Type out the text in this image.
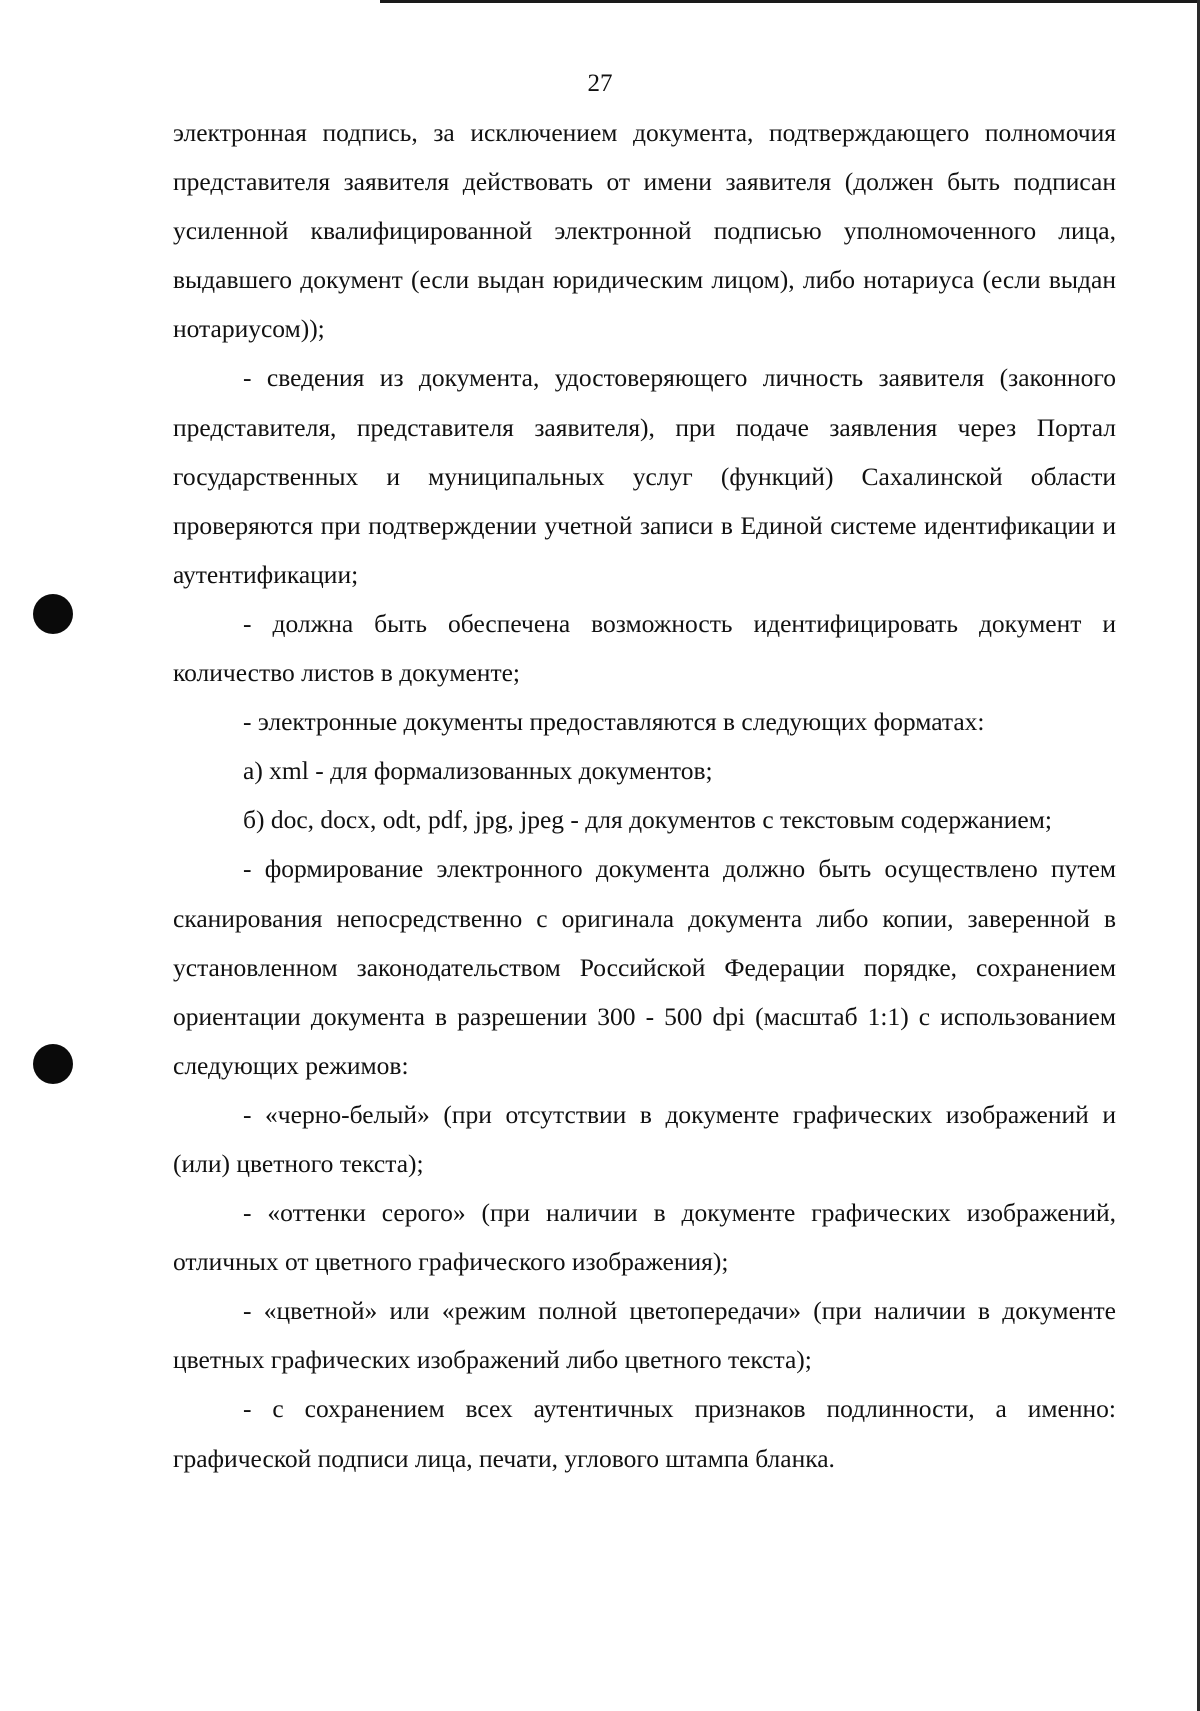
27

электронная подпись, за исключением документа, подтверждающего полномочия представителя заявителя действовать от имени заявителя (должен быть подписан усиленной квалифицированной электронной подписью уполномоченного лица, выдавшего документ (если выдан юридическим лицом), либо нотариуса (если выдан нотариусом));

- сведения из документа, удостоверяющего личность заявителя (законного представителя, представителя заявителя), при подаче заявления через Портал государственных и муниципальных услуг (функций) Сахалинской области проверяются при подтверждении учетной записи в Единой системе идентификации и аутентификации;

- должна быть обеспечена возможность идентифицировать документ и количество листов в документе;

- электронные документы предоставляются в следующих форматах:

а) xml - для формализованных документов;

б) doc, docx, odt, pdf, jpg, jpeg - для документов с текстовым содержанием;

- формирование электронного документа должно быть осуществлено путем сканирования непосредственно с оригинала документа либо копии, заверенной в установленном законодательством Российской Федерации порядке, сохранением ориентации документа в разрешении 300 - 500 dpi (масштаб 1:1) с использованием следующих режимов:

- «черно-белый» (при отсутствии в документе графических изображений и (или) цветного текста);

- «оттенки серого» (при наличии в документе графических изображений, отличных от цветного графического изображения);

- «цветной» или «режим полной цветопередачи» (при наличии в документе цветных графических изображений либо цветного текста);

- с сохранением всех аутентичных признаков подлинности, а именно: графической подписи лица, печати, углового штампа бланка.
